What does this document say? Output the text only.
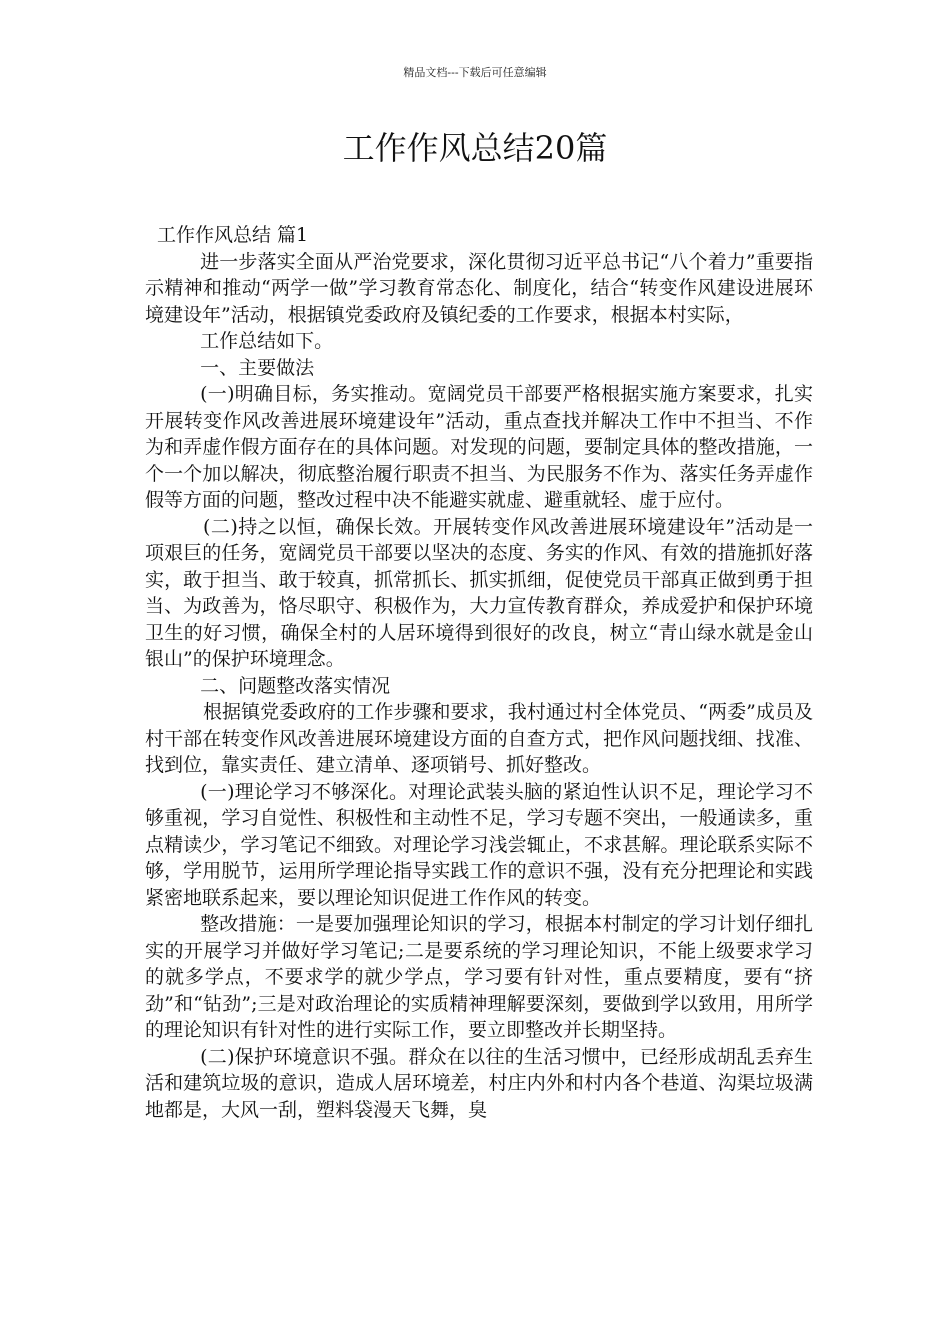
精品文档---下载后可任意编辑
工作作风总结20篇

工作作风总结 篇1

进一步落实全面从严治党要求，深化贯彻习近平总书记“八个着力”重要指示精神和推动“两学一做”学习教育常态化、制度化，结合“转变作风建设进展环境建设年”活动，根据镇党委政府及镇纪委的工作要求，根据本村实际，

工作总结如下。

一、主要做法

(一)明确目标，务实推动。宽阔党员干部要严格根据实施方案要求，扎实开展转变作风改善进展环境建设年”活动，重点查找并解决工作中不担当、不作为和弄虚作假方面存在的具体问题。对发现的问题，要制定具体的整改措施，一个一个加以解决，彻底整治履行职责不担当、为民服务不作为、落实任务弄虚作假等方面的问题，整改过程中决不能避实就虚、避重就轻、虚于应付。

(二)持之以恒，确保长效。开展转变作风改善进展环境建设年”活动是一项艰巨的任务，宽阔党员干部要以坚决的态度、务实的作风、有效的措施抓好落实，敢于担当、敢于较真，抓常抓长、抓实抓细，促使党员干部真正做到勇于担当、为政善为，恪尽职守、积极作为，大力宣传教育群众，养成爱护和保护环境卫生的好习惯，确保全村的人居环境得到很好的改良，树立“青山绿水就是金山银山”的保护环境理念。

二、问题整改落实情况

根据镇党委政府的工作步骤和要求，我村通过村全体党员、“两委”成员及村干部在转变作风改善进展环境建设方面的自查方式，把作风问题找细、找准、找到位，靠实责任、建立清单、逐项销号、抓好整改。

(一)理论学习不够深化。对理论武装头脑的紧迫性认识不足，理论学习不够重视，学习自觉性、积极性和主动性不足，学习专题不突出，一般通读多，重点精读少，学习笔记不细致。对理论学习浅尝辄止，不求甚解。理论联系实际不够，学用脱节，运用所学理论指导实践工作的意识不强，没有充分把理论和实践紧密地联系起来，要以理论知识促进工作作风的转变。

整改措施：一是要加强理论知识的学习，根据本村制定的学习计划仔细扎实的开展学习并做好学习笔记;二是要系统的学习理论知识，不能上级要求学习的就多学点，不要求学的就少学点，学习要有针对性，重点要精度，要有“挤劲”和“钻劲”;三是对政治理论的实质精神理解要深刻，要做到学以致用，用所学的理论知识有针对性的进行实际工作，要立即整改并长期坚持。

(二)保护环境意识不强。群众在以往的生活习惯中，已经形成胡乱丢弃生活和建筑垃圾的意识，造成人居环境差，村庄内外和村内各个巷道、沟渠垃圾满地都是，大风一刮，塑料袋漫天飞舞，臭
